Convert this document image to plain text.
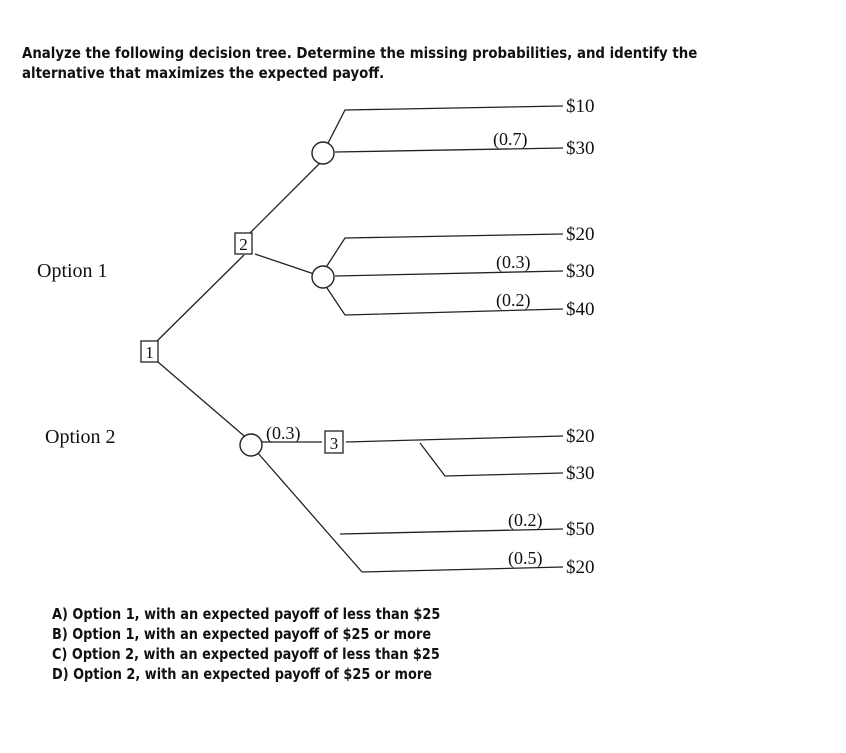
Analyze the following decision tree. Determine the missing probabilities, and identify the
alternative that maximizes the expected payoff.
1
2
3
Option 1
Option 2
(0.7)
(0.3)
(0.2)
(0.3)
(0.2)
(0.5)
$10
$30
$20
$30
$40
$20
$30
$50
$20
A) Option 1, with an expected payoff of less than $25
B) Option 1, with an expected payoff of $25 or more
C) Option 2, with an expected payoff of less than $25
D) Option 2, with an expected payoff of $25 or more
